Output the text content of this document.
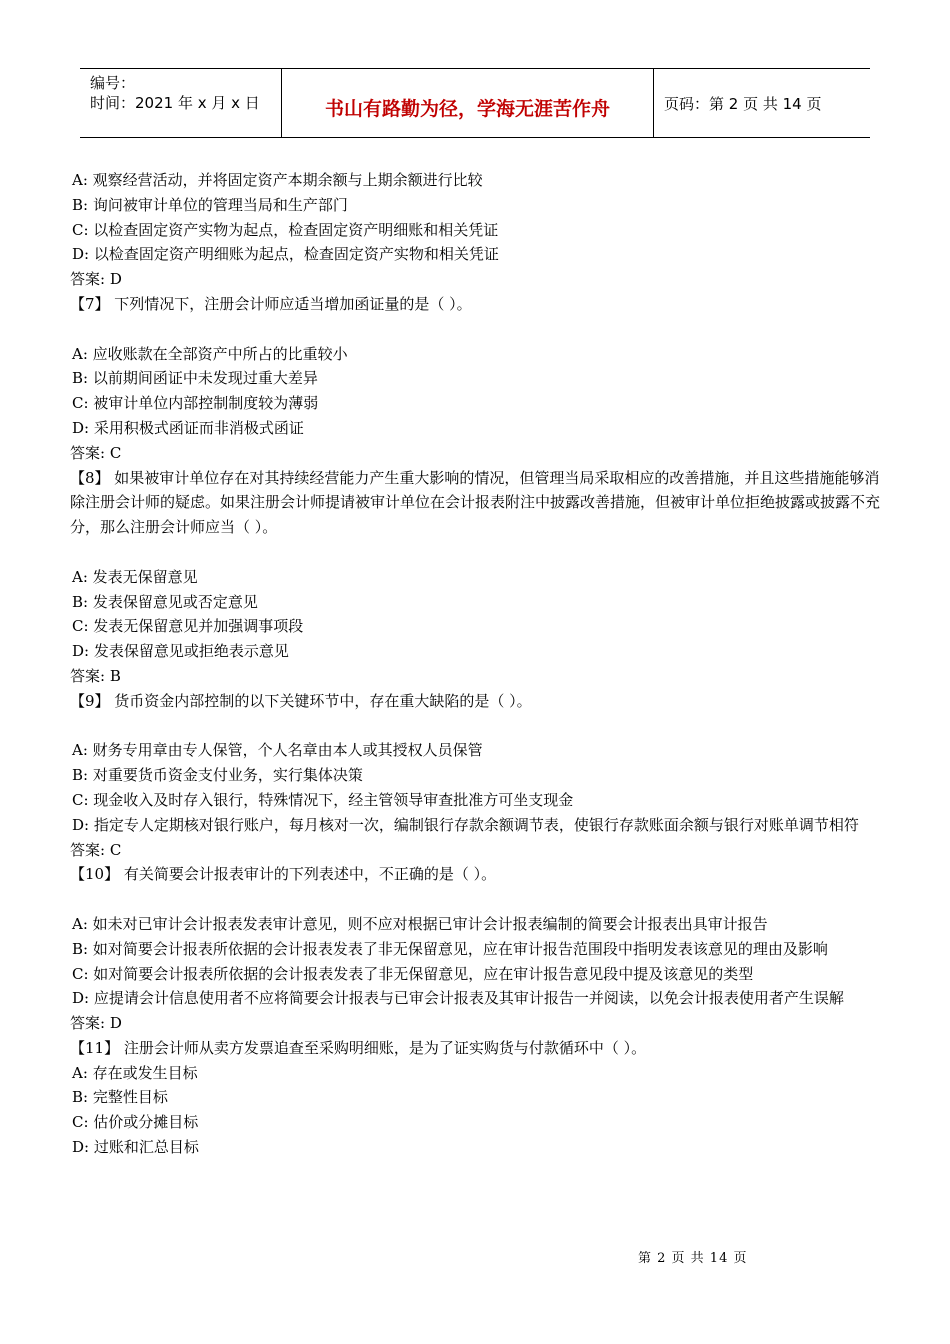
编号：
时间：2021 年 x 月 x 日	书山有路勤为径，学海无涯苦作舟	页码：第 2 页 共 14 页
A: 观察经营活动，并将固定资产本期余额与上期余额进行比较
B: 询问被审计单位的管理当局和生产部门
C: 以检查固定资产实物为起点，检查固定资产明细账和相关凭证
D: 以检查固定资产明细账为起点，检查固定资产实物和相关凭证
答案: D
【7】 下列情况下，注册会计师应适当增加函证量的是（ ）。
A: 应收账款在全部资产中所占的比重较小
B: 以前期间函证中未发现过重大差异
C: 被审计单位内部控制制度较为薄弱
D: 采用积极式函证而非消极式函证
答案: C
【8】 如果被审计单位存在对其持续经营能力产生重大影响的情况，但管理当局采取相应的改善措施，并且这些措施能够消除注册会计师的疑虑。如果注册会计师提请被审计单位在会计报表附注中披露改善措施，但被审计单位拒绝披露或披露不充分，那么注册会计师应当（ ）。
A: 发表无保留意见
B: 发表保留意见或否定意见
C: 发表无保留意见并加强调事项段
D: 发表保留意见或拒绝表示意见
答案: B
【9】 货币资金内部控制的以下关键环节中，存在重大缺陷的是（ ）。
A: 财务专用章由专人保管，个人名章由本人或其授权人员保管
B: 对重要货币资金支付业务，实行集体决策
C: 现金收入及时存入银行，特殊情况下，经主管领导审查批准方可坐支现金
D: 指定专人定期核对银行账户，每月核对一次，编制银行存款余额调节表，使银行存款账面余额与银行对账单调节相符
答案: C
【10】 有关简要会计报表审计的下列表述中，不正确的是（ ）。
A: 如未对已审计会计报表发表审计意见，则不应对根据已审计会计报表编制的简要会计报表出具审计报告
B: 如对简要会计报表所依据的会计报表发表了非无保留意见，应在审计报告范围段中指明发表该意见的理由及影响
C: 如对简要会计报表所依据的会计报表发表了非无保留意见，应在审计报告意见段中提及该意见的类型
D: 应提请会计信息使用者不应将简要会计报表与已审会计报表及其审计报告一并阅读，以免会计报表使用者产生误解
答案: D
【11】 注册会计师从卖方发票追查至采购明细账，是为了证实购货与付款循环中（ ）。
A: 存在或发生目标
B: 完整性目标
C: 估价或分摊目标
D: 过账和汇总目标
第 2 页 共 14 页
